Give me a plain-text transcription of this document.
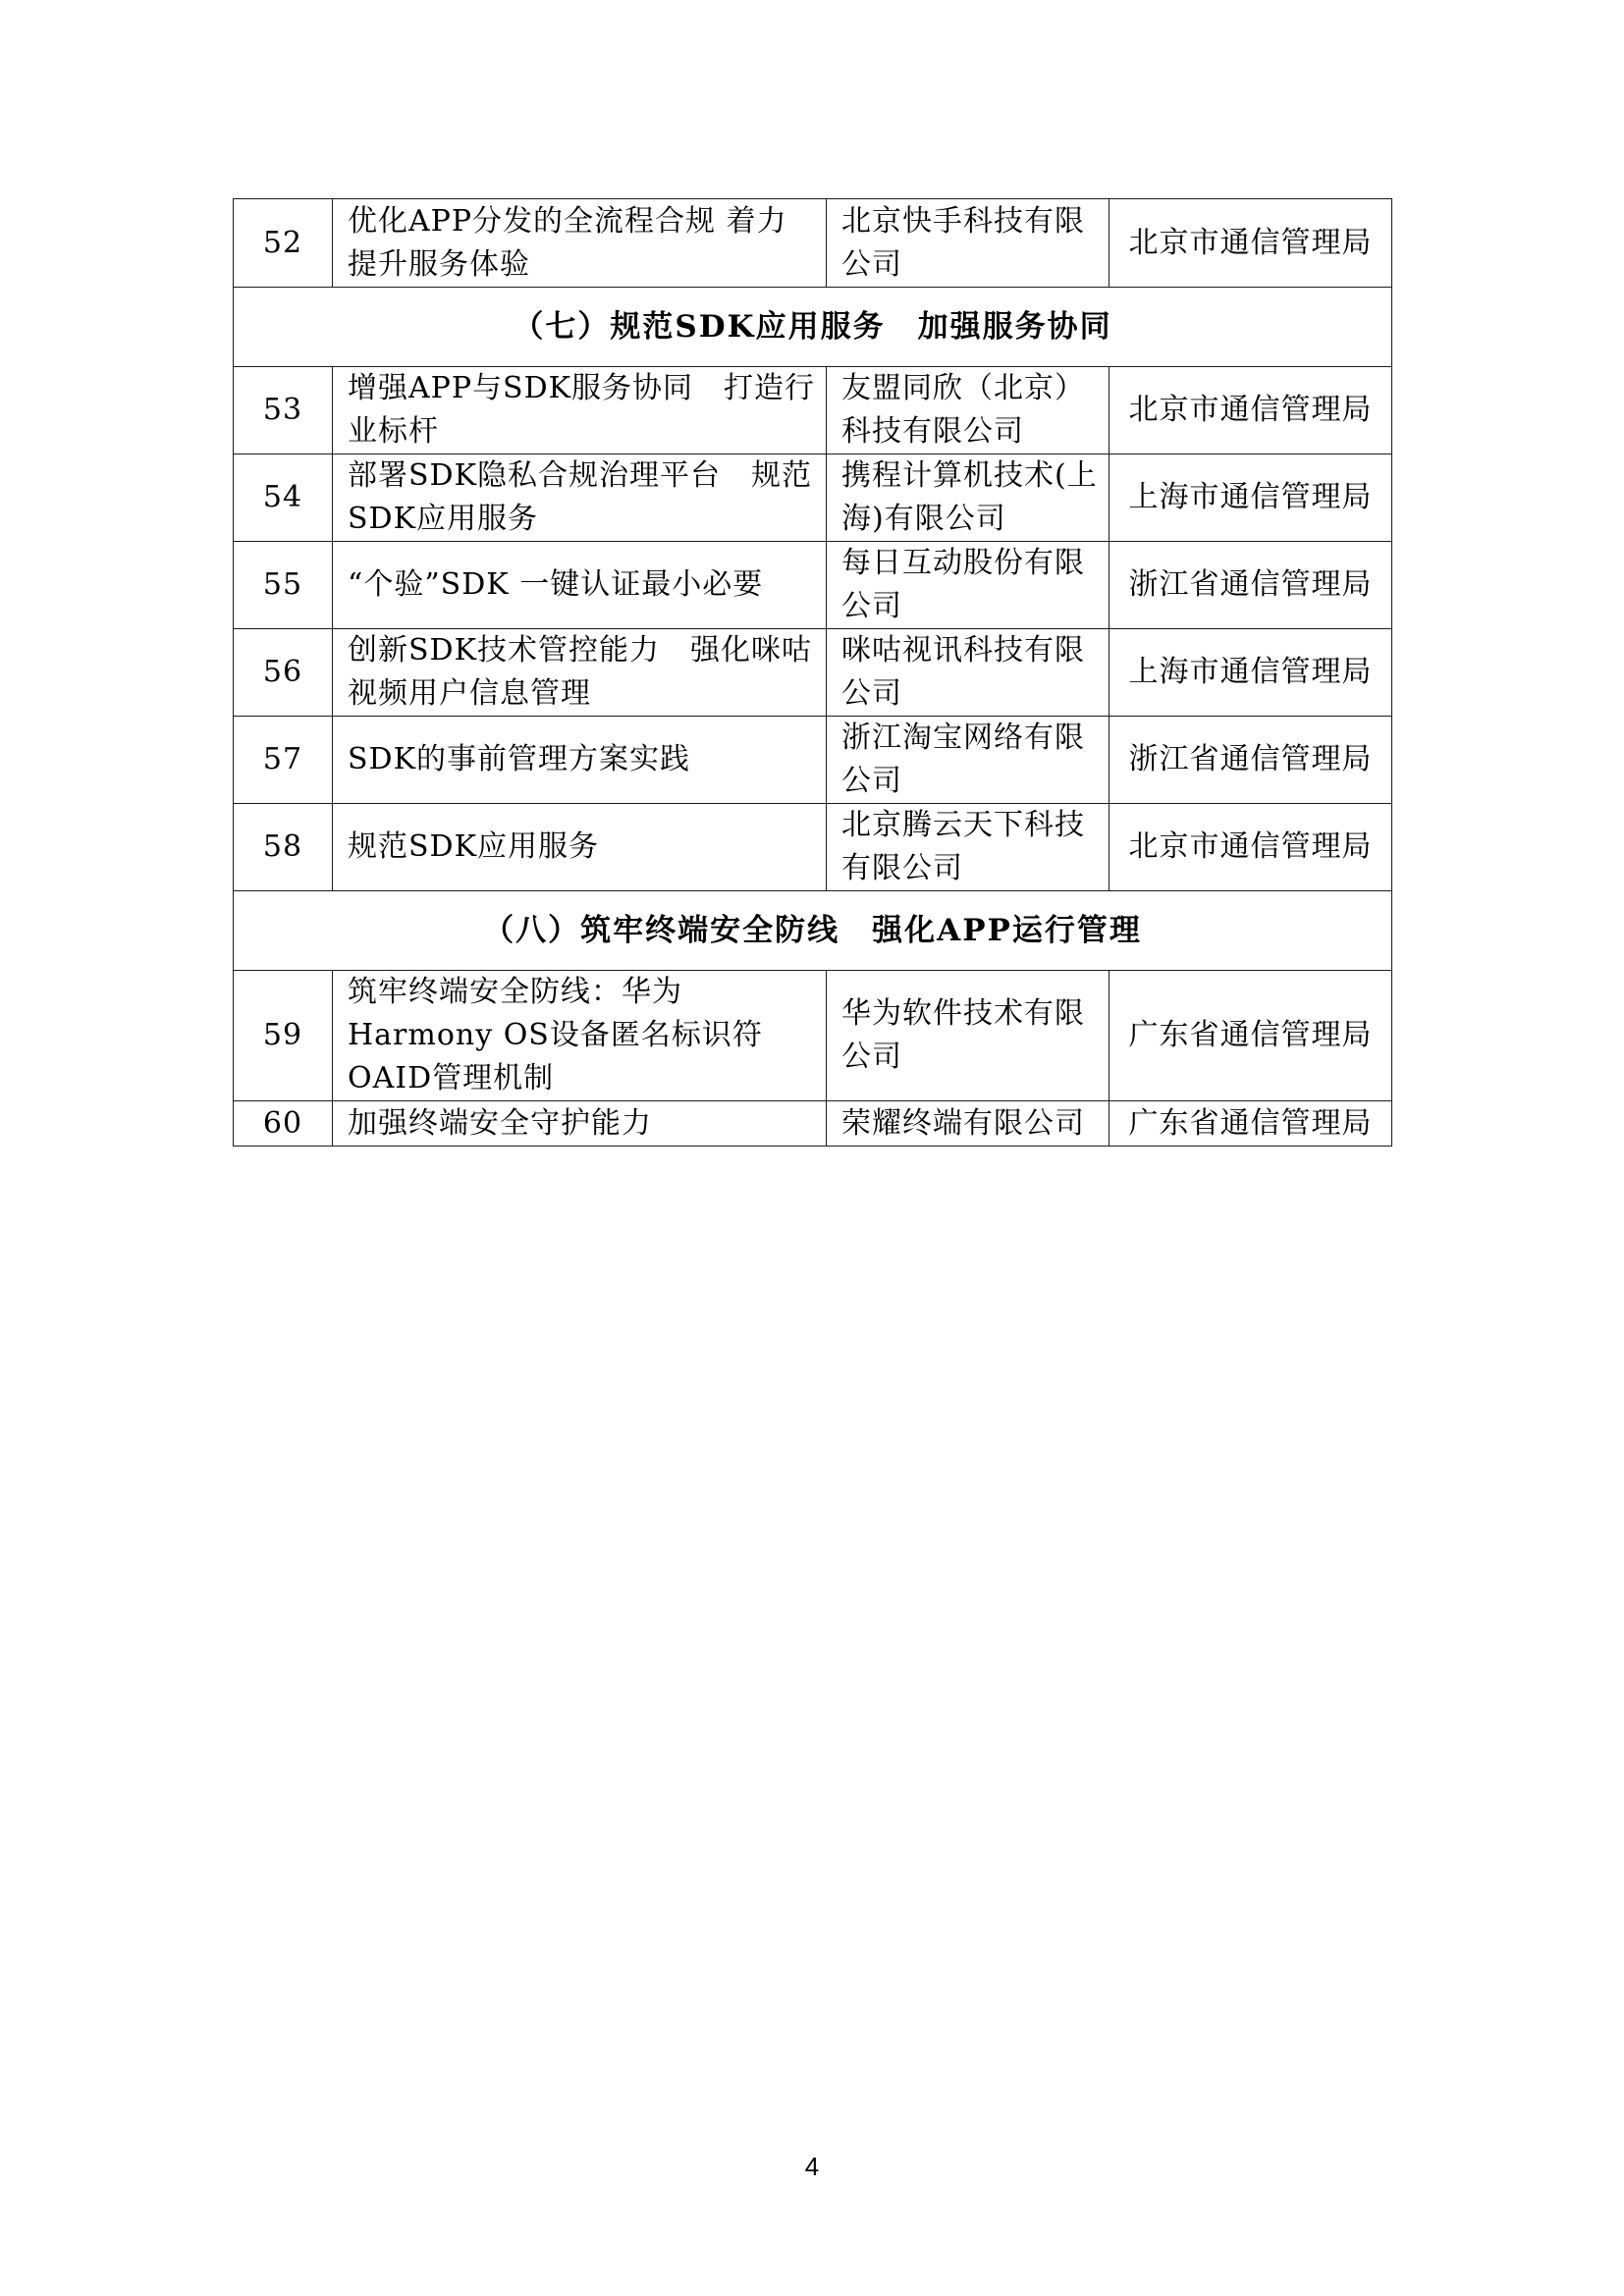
52	优化APP分发的全流程合规 着力提升服务体验	北京快手科技有限公司	北京市通信管理局
（七）规范SDK应用服务　加强服务协同			
53	增强APP与SDK服务协同　打造行业标杆	友盟同欣（北京）科技有限公司	北京市通信管理局
54	部署SDK隐私合规治理平台　规范SDK应用服务	携程计算机技术(上海)有限公司	上海市通信管理局
55	“个验”SDK 一键认证最小必要	每日互动股份有限公司	浙江省通信管理局
56	创新SDK技术管控能力　强化咪咕视频用户信息管理	咪咕视讯科技有限公司	上海市通信管理局
57	SDK的事前管理方案实践	浙江淘宝网络有限公司	浙江省通信管理局
58	规范SDK应用服务	北京腾云天下科技有限公司	北京市通信管理局
（八）筑牢终端安全防线　强化APP运行管理			
59	筑牢终端安全防线：华为Harmony OS设备匿名标识符OAID管理机制	华为软件技术有限公司	广东省通信管理局
60	加强终端安全守护能力	荣耀终端有限公司	广东省通信管理局
4
